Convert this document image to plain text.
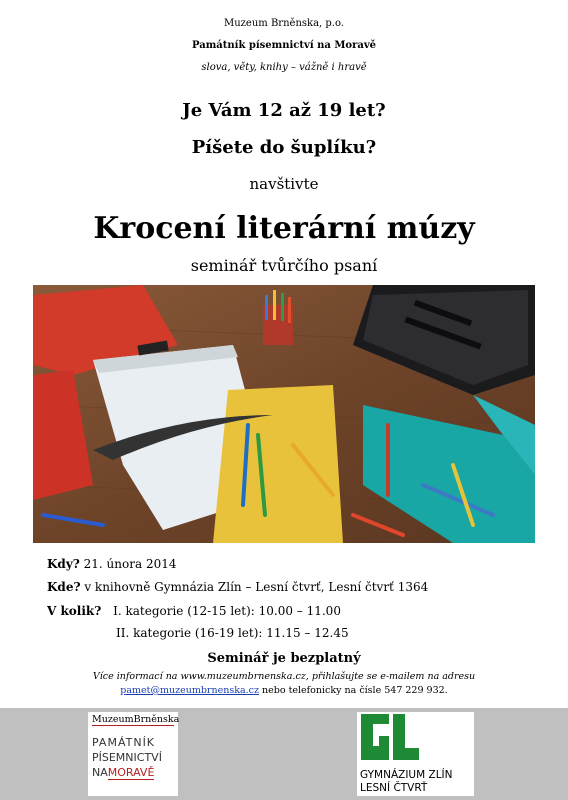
Muzeum Brněnska, p.o.
Památník písemnictví na Moravě
slova, věty, knihy – vážně i hravě
Je Vám 12 až 19 let?
Píšete do šuplíku?
navštivte
Krocení literární múzy
seminář tvůrčího psaní
Kdy? 21. února 2014
Kde? v knihovně Gymnázia Zlín – Lesní čtvrť, Lesní čtvrť 1364
V kolik? I. kategorie (12-15 let): 10.00 – 11.00
II. kategorie (16-19 let): 11.15 – 12.45
Seminář je bezplatný
Více informací na www.muzeumbrnenska.cz, přihlašujte se e-mailem na adresu
pamet@muzeumbrnenska.cz nebo telefonicky na čísle 547 229 932.
MuzeumBrněnska
PAMÁTNÍK
PÍSEMNICTVÍ
NAMORAVĚ	GYMNÁZIUM ZLÍN
LESNÍ ČTVRŤ
